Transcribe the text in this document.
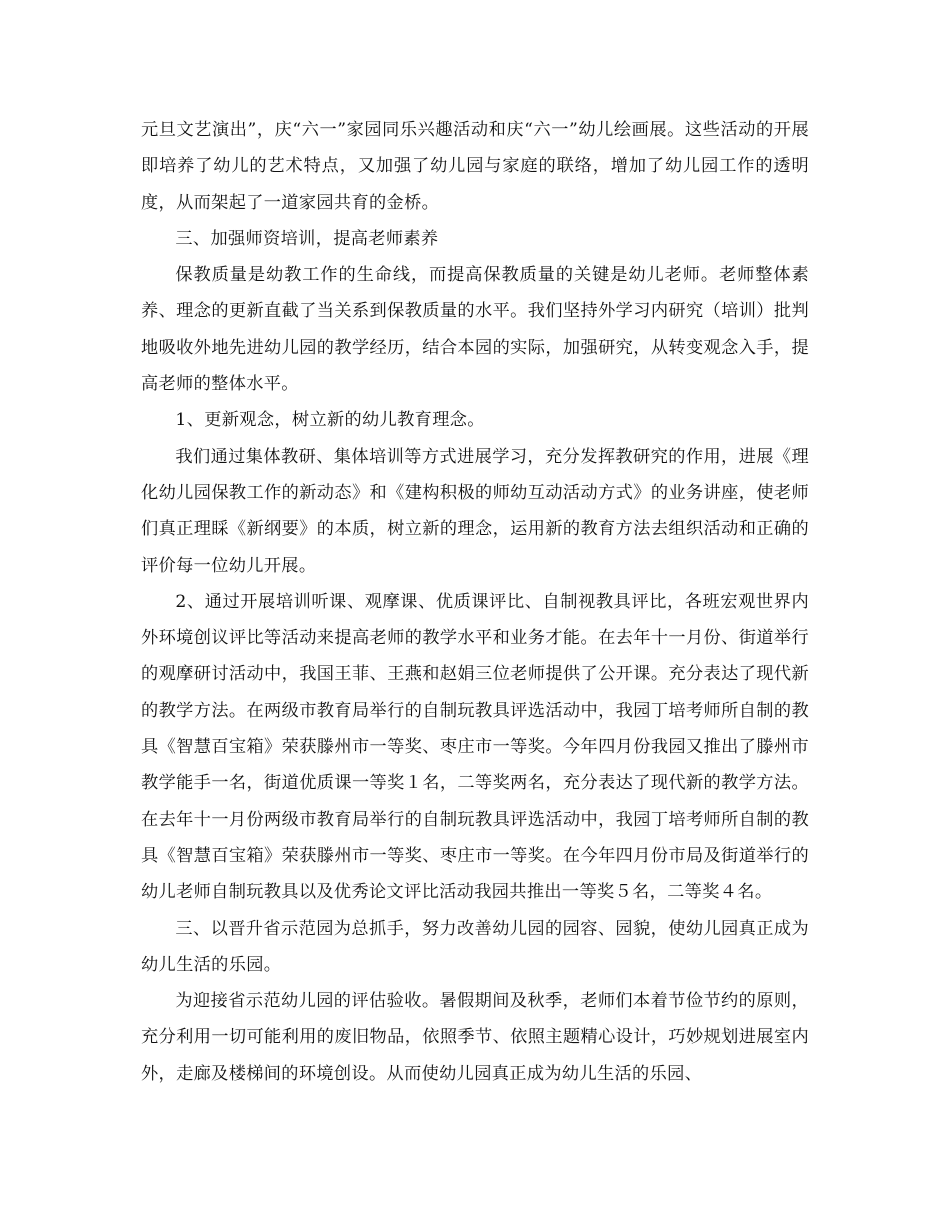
元旦文艺演出”，庆“六一”家园同乐兴趣活动和庆“六一”幼儿绘画展。这些活动的开展即培养了幼儿的艺术特点，又加强了幼儿园与家庭的联络，增加了幼儿园工作的透明度，从而架起了一道家园共育的金桥。

三、加强师资培训，提高老师素养

保教质量是幼教工作的生命线，而提高保教质量的关键是幼儿老师。老师整体素养、理念的更新直截了当关系到保教质量的水平。我们坚持外学习内研究（培训）批判地吸收外地先进幼儿园的教学经历，结合本园的实际，加强研究，从转变观念入手，提高老师的整体水平。

1、更新观念，树立新的幼儿教育理念。

我们通过集体教研、集体培训等方式进展学习，充分发挥教研究的作用，进展《理化幼儿园保教工作的新动态》和《建构积极的师幼互动活动方式》的业务讲座，使老师们真正理睬《新纲要》的本质，树立新的理念，运用新的教育方法去组织活动和正确的评价每一位幼儿开展。

2、通过开展培训听课、观摩课、优质课评比、自制视教具评比，各班宏观世界内外环境创议评比等活动来提高老师的教学水平和业务才能。在去年十一月份、街道举行的观摩研讨活动中，我国王菲、王燕和赵娟三位老师提供了公开课。充分表达了现代新的教学方法。在两级市教育局举行的自制玩教具评选活动中，我园丁培考师所自制的教具《智慧百宝箱》荣获滕州市一等奖、枣庄市一等奖。今年四月份我园又推出了滕州市教学能手一名，街道优质课一等奖１名，二等奖两名，充分表达了现代新的教学方法。在去年十一月份两级市教育局举行的自制玩教具评选活动中，我园丁培考师所自制的教具《智慧百宝箱》荣获滕州市一等奖、枣庄市一等奖。在今年四月份市局及街道举行的幼儿老师自制玩教具以及优秀论文评比活动我园共推出一等奖５名，二等奖４名。

三、以晋升省示范园为总抓手，努力改善幼儿园的园容、园貌，使幼儿园真正成为幼儿生活的乐园。

为迎接省示范幼儿园的评估验收。暑假期间及秋季，老师们本着节俭节约的原则，充分利用一切可能利用的废旧物品，依照季节、依照主题精心设计，巧妙规划进展室内外，走廊及楼梯间的环境创设。从而使幼儿园真正成为幼儿生活的乐园、
